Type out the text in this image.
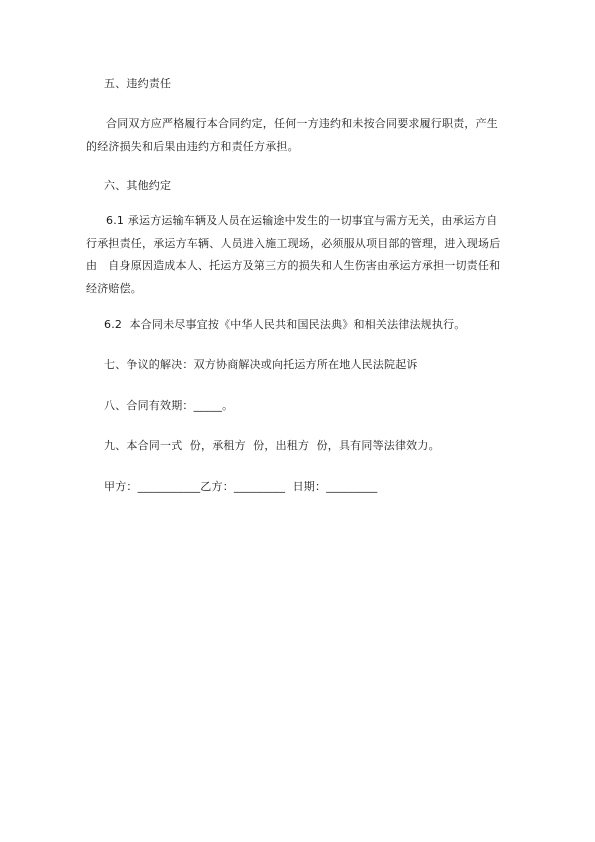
五、违约责任
合同双方应严格履行本合同约定，任何一方违约和未按合同要求履行职责，产生
的经济损失和后果由违约方和责任方承担。
六、其他约定
6.1 承运方运输车辆及人员在运输途中发生的一切事宜与需方无关，由承运方自
行承担责任，承运方车辆、人员进入施工现场，必须服从项目部的管理，进入现场后
由   自身原因造成本人、托运方及第三方的损失和人生伤害由承运方承担一切责任和
经济赔偿。
6.2  本合同未尽事宜按《中华人民共和国民法典》和相关法律法规执行。
七、争议的解决：双方协商解决或向托运方所在地人民法院起诉
八、合同有效期：_____。
九、本合同一式  份，承租方  份，出租方  份，具有同等法律效力。
甲方：___________乙方：_________  日期：_________
